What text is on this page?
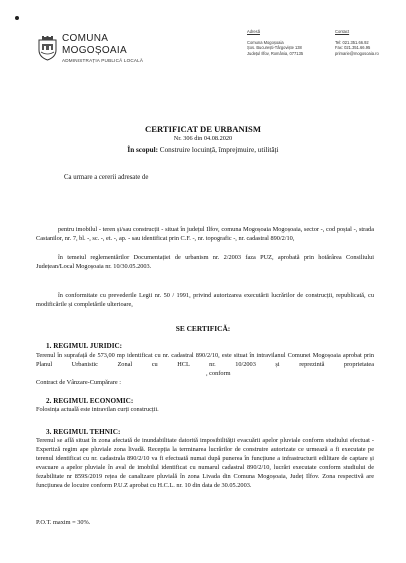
COMUNA
MOGOȘOAIA
ADMINISTRAȚIA PUBLICĂ LOCALĂ
Adresă
Comuna Mogoșoaia
Șos. București-Târgoviște 138
Județul Ilfov, România, 077135
Contact
Tel: 021.351.66.92
Fax: 021.351.66.95
primarie@mogosoaia.ro
CERTIFICAT DE URBANISM
Nr. 306 din 04.08.2020
În scopul: Construire locuință, împrejmuire, utilități
Ca urmare a cererii adresate de
pentru imobilul - teren și/sau construcții - situat în județul Ilfov, comuna Mogoșoaia Mogoșoaia, sector -, cod poștal -, strada Castanilor, nr. 7, bl. -, sc. -, et. -, ap. - sau identificat prin C.F. -, nr. topografic -, nr. cadastral 890/2/10,
în temeiul reglementărilor Documentației de urbanism nr. 2/2003 faza PUZ, aprobată prin hotărârea Consiliului Județean/Local Mogoșoaia nr. 10/30.05.2003.
în conformitate cu prevederile Legii nr. 50 / 1991, privind autorizarea executării lucrărilor de construcții, republicată, cu modificările și completările ulterioare,
SE CERTIFICĂ:
1. REGIMUL JURIDIC:
Terenul în suprafață de 573,00 mp identificat cu nr. cadastral 890/2/10, este situat în intravilanul Comunei Mogoșoaia aprobat prin Planul Urbanistic Zonal cu HCL nr. 10/2003 și reprezintă proprietatea , conform
Contract de Vânzare-Cumpărare :
2. REGIMUL ECONOMIC:
Folosința actuală este intravilan curți construcții.
3. REGIMUL TEHNIC:
Terenul se află situat în zona afectată de inundabilitate datorită imposibilității evacuării apelor pluviale conform studiului efectuat - Expertiză regim ape pluviale zona livadă. Recepția la terminarea lucrărilor de construire autorizate ce urmează a fi executate pe terenul identificat cu nr. cadastrala 890/2/10 va fi efectuată numai după punerea în funcțiune a infrastructurii edilitare de captare și evacuare a apelor pluviale în aval de imobilul identificat cu numarul cadastral 890/2/10, lucrări executate conform studiului de fezabilitate nr 859S/2019 rețea de canalizare pluvială în zona Livada din Comuna Mogoșoaia, Județ Ilfov. Zona respectivă are funcțiunea de locuire conform P.U.Z aprobat cu H.C.L. nr. 10 din data de 30.05.2003.
P.O.T. maxim = 30%.
